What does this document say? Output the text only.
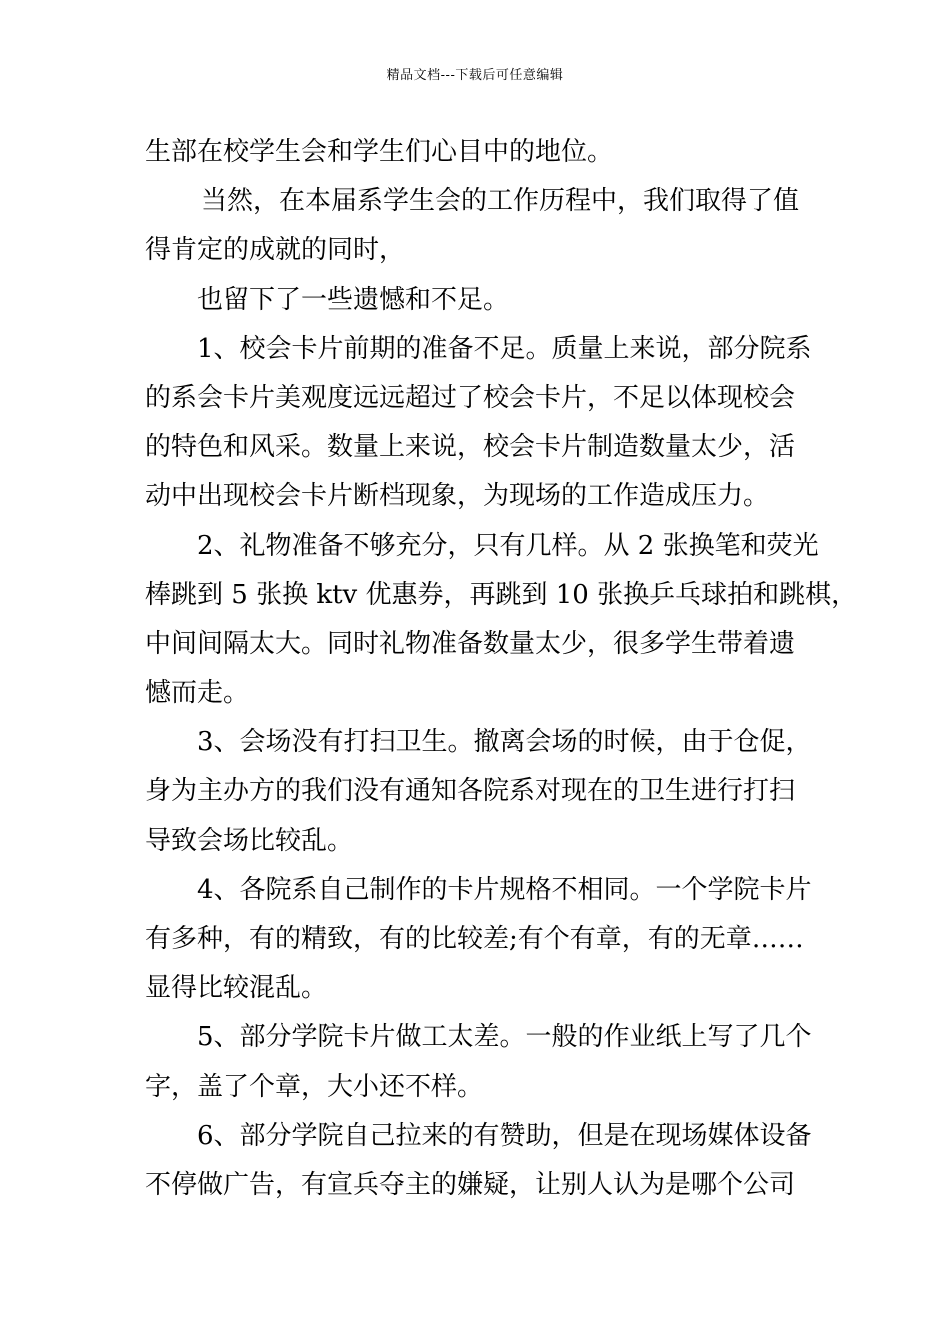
精品文档---下载后可任意编辑
生部在校学生会和学生们心目中的地位。
当然，在本届系学生会的工作历程中，我们取得了值
得肯定的成就的同时，
也留下了一些遗憾和不足。
1、校会卡片前期的准备不足。质量上来说，部分院系
的系会卡片美观度远远超过了校会卡片，不足以体现校会
的特色和风采。数量上来说，校会卡片制造数量太少，活
动中出现校会卡片断档现象，为现场的工作造成压力。
2、礼物准备不够充分，只有几样。从 2 张换笔和荧光
棒跳到 5 张换 ktv 优惠券，再跳到 10 张换乒乓球拍和跳棋，
中间间隔太大。同时礼物准备数量太少，很多学生带着遗
憾而走。
3、会场没有打扫卫生。撤离会场的时候，由于仓促，
身为主办方的我们没有通知各院系对现在的卫生进行打扫
导致会场比较乱。
4、各院系自己制作的卡片规格不相同。一个学院卡片
有多种，有的精致，有的比较差;有个有章，有的无章……
显得比较混乱。
5、部分学院卡片做工太差。一般的作业纸上写了几个
字，盖了个章，大小还不样。
6、部分学院自己拉来的有赞助，但是在现场媒体设备
不停做广告，有宣兵夺主的嫌疑，让别人认为是哪个公司
